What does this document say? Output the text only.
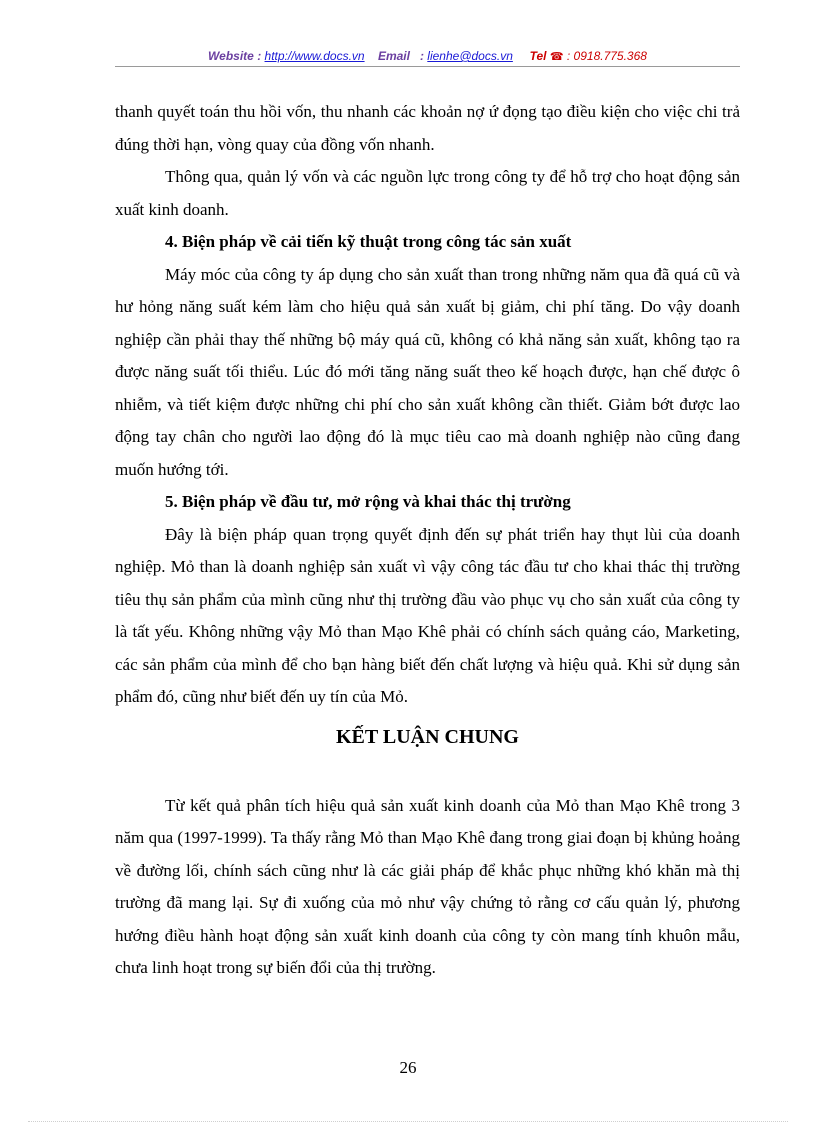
Website : http://www.docs.vn Email   : lienhe@docs.vn Tel ☎ : 0918.775.368

thanh quyết toán thu hồi vốn, thu nhanh các khoản nợ ứ đọng tạo điều kiện cho việc chi trả đúng thời hạn, vòng quay của đồng vốn nhanh.

Thông qua, quản lý vốn và các nguồn lực trong công ty để hỗ trợ cho hoạt động sản xuất kinh doanh.

4. Biện pháp về cải tiến kỹ thuật trong công tác sản xuất

Máy móc của công ty áp dụng cho sản xuất than trong những năm qua đã quá cũ và hư hỏng năng suất kém làm cho hiệu quả sản xuất bị giảm, chi phí tăng. Do vậy doanh nghiệp cần phải thay thế những bộ máy quá cũ, không có khả năng sản xuất, không tạo ra được năng suất tối thiểu. Lúc đó mới tăng năng suất theo kế hoạch được, hạn chế được ô nhiễm, và tiết kiệm được những chi phí cho sản xuất không cần thiết. Giảm bớt được lao động tay chân cho người lao động đó là mục tiêu cao mà doanh nghiệp nào cũng đang muốn hướng tới.

5. Biện pháp về đầu tư, mở rộng và khai thác thị trường

Đây là biện pháp quan trọng quyết định đến sự phát triển hay thụt lùi của doanh nghiệp. Mỏ than là doanh nghiệp sản xuất vì vậy công tác đầu tư cho khai thác thị trường tiêu thụ sản phẩm của mình cũng như thị trường đầu vào phục vụ cho sản xuất của công ty là tất yếu. Không những vậy Mỏ than Mạo Khê phải có chính sách quảng cáo, Marketing, các sản phẩm của mình để cho bạn hàng biết đến chất lượng và hiệu quả. Khi sử dụng sản phẩm đó, cũng như biết đến uy tín của Mỏ.

KẾT LUẬN CHUNG

Từ kết quả phân tích hiệu quả sản xuất kinh doanh của Mỏ than Mạo Khê trong 3 năm qua (1997-1999). Ta thấy rằng Mỏ than Mạo Khê đang trong giai đoạn bị khủng hoảng về đường lối, chính sách cũng như là các giải pháp để khắc phục những khó khăn mà thị trường đã mang lại. Sự đi xuống của mỏ như vậy chứng tỏ rằng cơ cấu quản lý, phương hướng điều hành hoạt động sản xuất kinh doanh của công ty còn mang tính khuôn mẫu, chưa linh hoạt trong sự biến đổi của thị trường.

26
